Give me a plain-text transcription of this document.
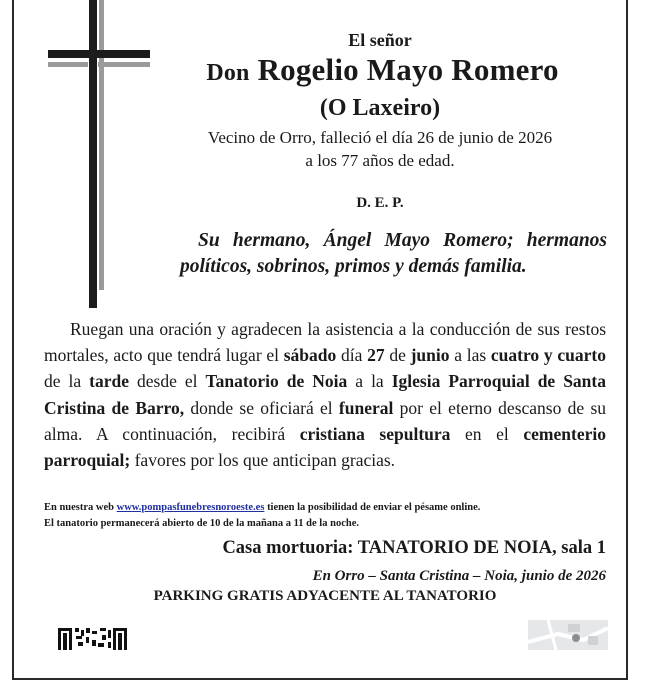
El señor
Don Rogelio Mayo Romero
(O Laxeiro)
Vecino de Orro, falleció el día 26 de junio de 2026
a los 77 años de edad.
D. E. P.
Su hermano, Ángel Mayo Romero; hermanos políticos, sobrinos, primos y demás familia.
Ruegan una oración y agradecen la asistencia a la conducción de sus restos mortales, acto que tendrá lugar el sábado día 27 de junio a las cuatro y cuarto de la tarde desde el Tanatorio de Noia a la Iglesia Parroquial de Santa Cristina de Barro, donde se oficiará el funeral por el eterno descanso de su alma. A continuación, recibirá cristiana sepultura en el cementerio parroquial; favores por los que anticipan gracias.
En nuestra web www.pompasfunebresnoroeste.es tienen la posibilidad de enviar el pésame online.
El tanatorio permanecerá abierto de 10 de la mañana a 11 de la noche.
Casa mortuoria: TANATORIO DE NOIA, sala 1
En Orro – Santa Cristina – Noia, junio de 2026
PARKING GRATIS ADYACENTE AL TANATORIO
